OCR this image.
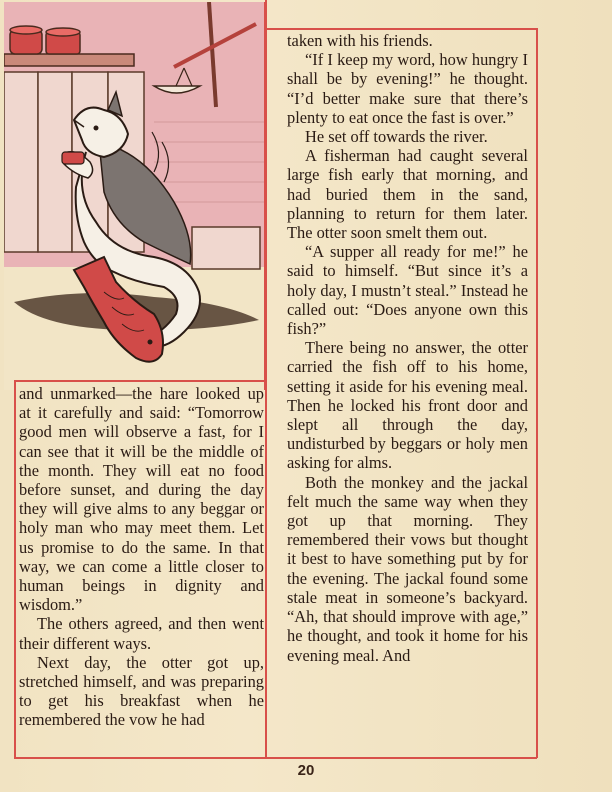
and unmarked—the hare looked up at it carefully and said: “Tomorrow good men will observe a fast, for I can see that it will be the middle of the month. They will eat no food before sunset, and during the day they will give alms to any beggar or holy man who may meet them. Let us promise to do the same. In that way, we can come a little closer to human beings in dignity and wisdom.”

The others agreed, and then went their different ways.

Next day, the otter got up, stretched himself, and was preparing to get his breakfast when he remembered the vow he had

taken with his friends.

“If I keep my word, how hungry I shall be by evening!” he thought. “I’d better make sure that there’s plenty to eat once the fast is over.”

He set off towards the river.

A fisherman had caught several large fish early that morning, and had buried them in the sand, planning to return for them later. The otter soon smelt them out.

“A supper all ready for me!” he said to himself. “But since it’s a holy day, I mustn’t steal.” Instead he called out: “Does anyone own this fish?”

There being no answer, the otter carried the fish off to his home, setting it aside for his evening meal. Then he locked his front door and slept all through the day, undisturbed by beggars or holy men asking for alms.

Both the monkey and the jackal felt much the same way when they got up that morning. They remembered their vows but thought it best to have something put by for the evening. The jackal found some stale meat in someone’s backyard. “Ah, that should improve with age,” he thought, and took it home for his evening meal. And

20
